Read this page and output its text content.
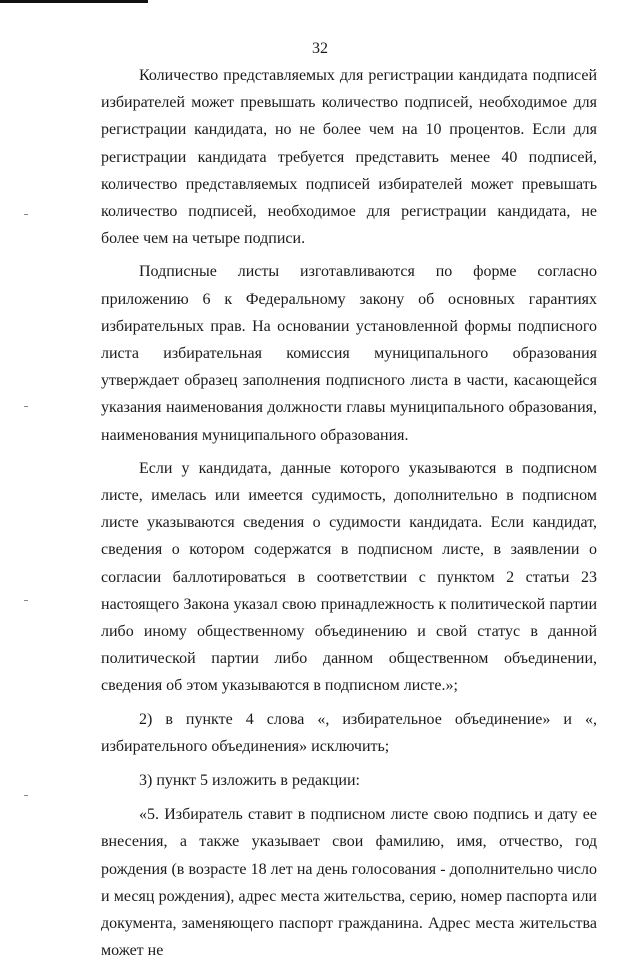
32

Количество представляемых для регистрации кандидата подписей избирателей может превышать количество подписей, необходимое для регистрации кандидата, но не более чем на 10 процентов. Если для регистрации кандидата требуется представить менее 40 подписей, количество представляемых подписей избирателей может превышать количество подписей, необходимое для регистрации кандидата, не более чем на четыре подписи.

Подписные листы изготавливаются по форме согласно приложению 6 к Федеральному закону об основных гарантиях избирательных прав. На основании установленной формы подписного листа избирательная комиссия муниципального образования утверждает образец заполнения подписного листа в части, касающейся указания наименования должности главы муниципального образования, наименования муниципального образования.

Если у кандидата, данные которого указываются в подписном листе, имелась или имеется судимость, дополнительно в подписном листе указываются сведения о судимости кандидата. Если кандидат, сведения о котором содержатся в подписном листе, в заявлении о согласии баллотироваться в соответствии с пунктом 2 статьи 23 настоящего Закона указал свою принадлежность к политической партии либо иному общественному объединению и свой статус в данной политической партии либо данном общественном объединении, сведения об этом указываются в подписном листе.»;

2) в пункте 4 слова «, избирательное объединение» и «, избирательного объединения» исключить;

3) пункт 5 изложить в редакции:

«5. Избиратель ставит в подписном листе свою подпись и дату ее внесения, а также указывает свои фамилию, имя, отчество, год рождения (в возрасте 18 лет на день голосования - дополнительно число и месяц рождения), адрес места жительства, серию, номер паспорта или документа, заменяющего паспорт гражданина. Адрес места жительства может не
